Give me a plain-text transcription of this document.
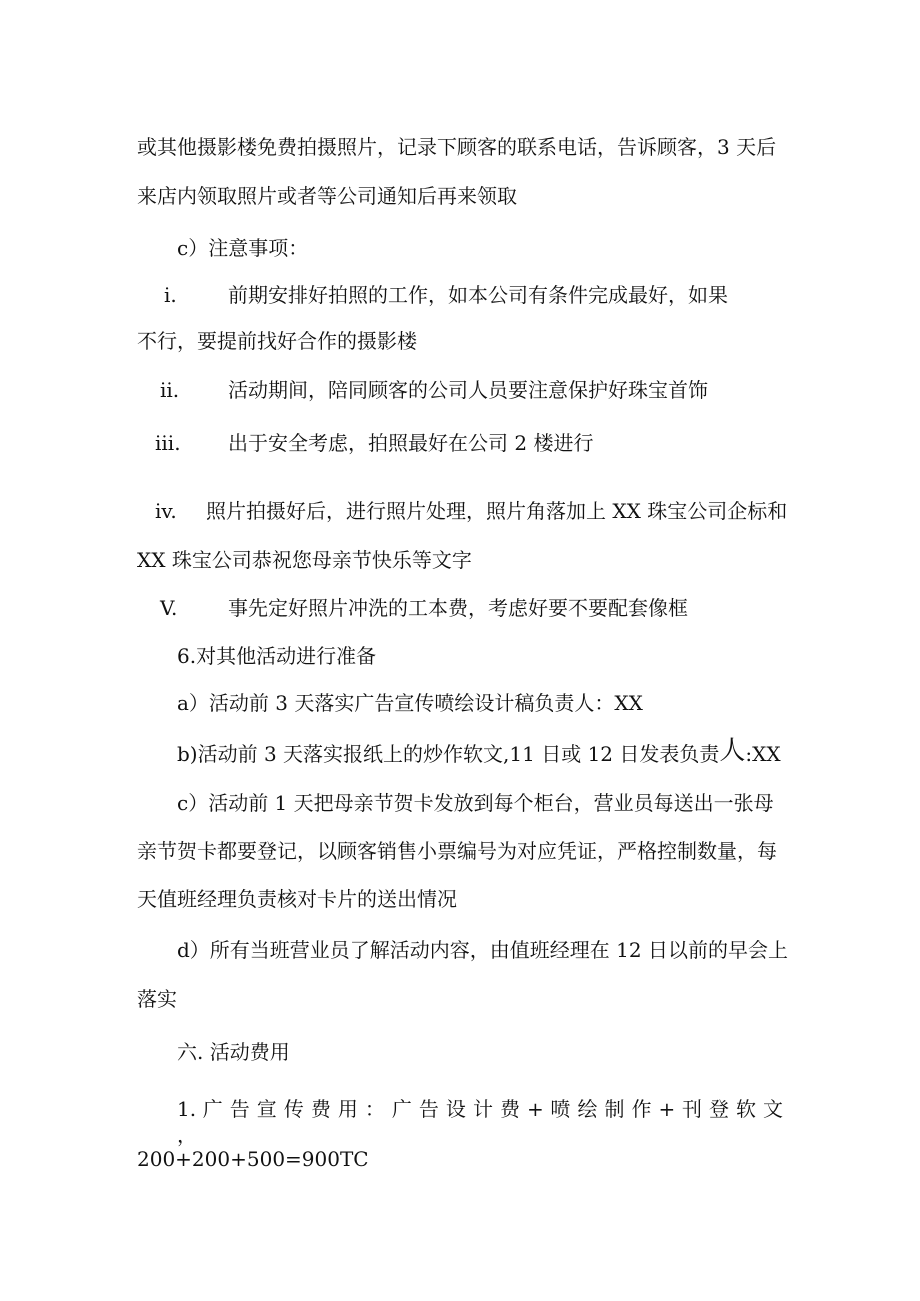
或其他摄影楼免费拍摄照片，记录下顾客的联系电话，告诉顾客，3 天后
来店内领取照片或者等公司通知后再来领取
c）注意事项：
i.	前期安排好拍照的工作，如本公司有条件完成最好，如果
不行，要提前找好合作的摄影楼
ii. 活动期间，陪同顾客的公司人员要注意保护好珠宝首饰
iii. 出于安全考虑，拍照最好在公司 2 楼进行
iv. 照片拍摄好后，进行照片处理，照片角落加上 XX 珠宝公司企标和
XX 珠宝公司恭祝您母亲节快乐等文字
V.	事先定好照片冲洗的工本费，考虑好要不要配套像框
6.对其他活动进行准备
a）活动前 3 天落实广告宣传喷绘设计稿负责人：XX
b)活动前 3 天落实报纸上的炒作软文,11 日或 12 日发表负责人:XX
c）活动前 1 天把母亲节贺卡发放到每个柜台，营业员每送出一张母
亲节贺卡都要登记，以顾客销售小票编号为对应凭证，严格控制数量，每
天值班经理负责核对卡片的送出情况
d）所有当班营业员了解活动内容，由值班经理在 12 日以前的早会上
落实
六. 活动费用
1. 广 告 宣 传 费 用 ： 广 告 设 计 费 + 喷 绘 制 作 + 刊 登 软 文 ，
200+200+500=900TC
